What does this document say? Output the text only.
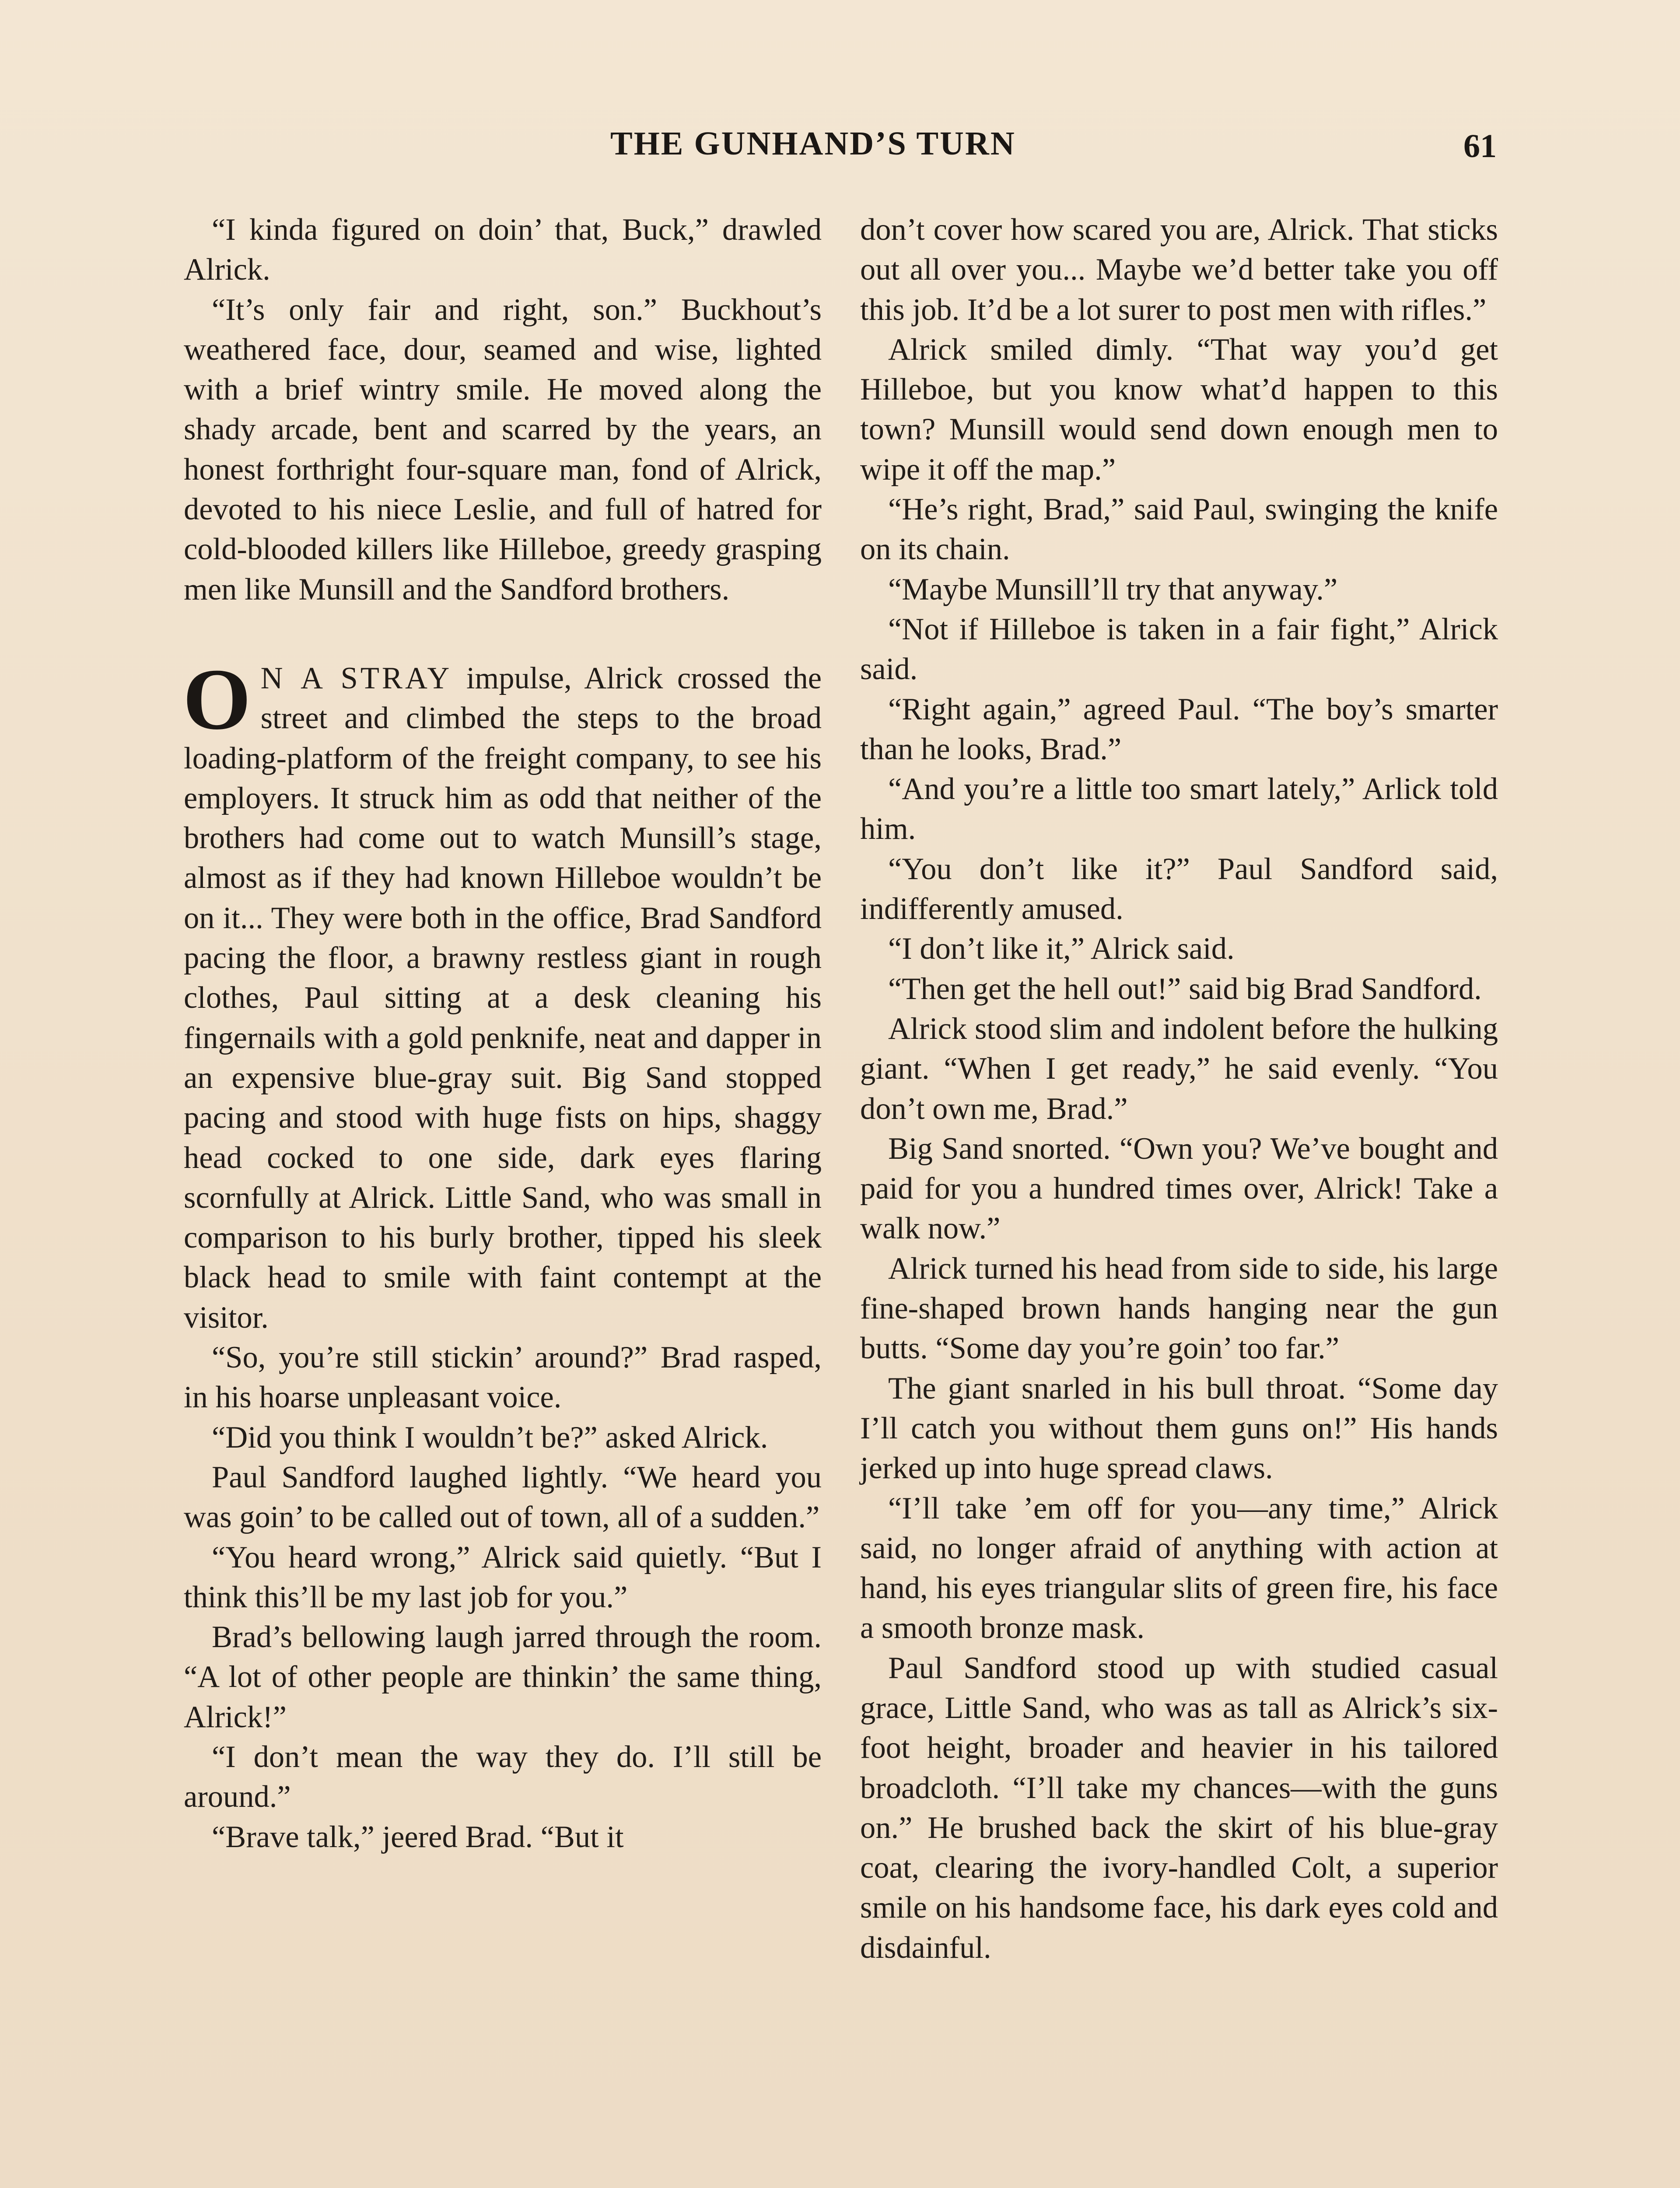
THE GUNHAND’S TURN	61

“I kinda figured on doin’ that, Buck,” drawled Alrick.

“It’s only fair and right, son.” Buckhout’s weathered face, dour, seamed and wise, lighted with a brief wintry smile. He moved along the shady arcade, bent and scarred by the years, an honest forthright four-square man, fond of Alrick, devoted to his niece Leslie, and full of hatred for cold-blooded killers like Hilleboe, greedy grasping men like Munsill and the Sandford brothers.

O N A STRAY impulse, Alrick crossed the street and climbed the steps to the broad loading-platform of the freight company, to see his employers. It struck him as odd that neither of the brothers had come out to watch Munsill’s stage, almost as if they had known Hilleboe wouldn’t be on it... They were both in the office, Brad Sandford pacing the floor, a brawny restless giant in rough clothes, Paul sitting at a desk cleaning his fingernails with a gold penknife, neat and dapper in an expensive blue-gray suit. Big Sand stopped pacing and stood with huge fists on hips, shaggy head cocked to one side, dark eyes flaring scornfully at Alrick. Little Sand, who was small in comparison to his burly brother, tipped his sleek black head to smile with faint contempt at the visitor.

“So, you’re still stickin’ around?” Brad rasped, in his hoarse unpleasant voice.

“Did you think I wouldn’t be?” asked Alrick.

Paul Sandford laughed lightly. “We heard you was goin’ to be called out of town, all of a sudden.”

“You heard wrong,” Alrick said quietly. “But I think this’ll be my last job for you.”

Brad’s bellowing laugh jarred through the room. “A lot of other people are thinkin’ the same thing, Alrick!”

“I don’t mean the way they do. I’ll still be around.”

“Brave talk,” jeered Brad. “But it

don’t cover how scared you are, Alrick. That sticks out all over you... Maybe we’d better take you off this job. It’d be a lot surer to post men with rifles.”

Alrick smiled dimly. “That way you’d get Hilleboe, but you know what’d happen to this town? Munsill would send down enough men to wipe it off the map.”

“He’s right, Brad,” said Paul, swinging the knife on its chain.

“Maybe Munsill’ll try that anyway.”

“Not if Hilleboe is taken in a fair fight,” Alrick said.

“Right again,” agreed Paul. “The boy’s smarter than he looks, Brad.”

“And you’re a little too smart lately,” Arlick told him.

“You don’t like it?” Paul Sandford said, indifferently amused.

“I don’t like it,” Alrick said.

“Then get the hell out!” said big Brad Sandford.

Alrick stood slim and indolent before the hulking giant. “When I get ready,” he said evenly. “You don’t own me, Brad.”

Big Sand snorted. “Own you? We’ve bought and paid for you a hundred times over, Alrick! Take a walk now.”

Alrick turned his head from side to side, his large fine-shaped brown hands hanging near the gun butts. “Some day you’re goin’ too far.”

The giant snarled in his bull throat. “Some day I’ll catch you without them guns on!” His hands jerked up into huge spread claws.

“I’ll take ’em off for you—any time,” Alrick said, no longer afraid of anything with action at hand, his eyes triangular slits of green fire, his face a smooth bronze mask.

Paul Sandford stood up with studied casual grace, Little Sand, who was as tall as Alrick’s six-foot height, broader and heavier in his tailored broadcloth. “I’ll take my chances—with the guns on.” He brushed back the skirt of his blue-gray coat, clearing the ivory-handled Colt, a superior smile on his handsome face, his dark eyes cold and disdainful.
